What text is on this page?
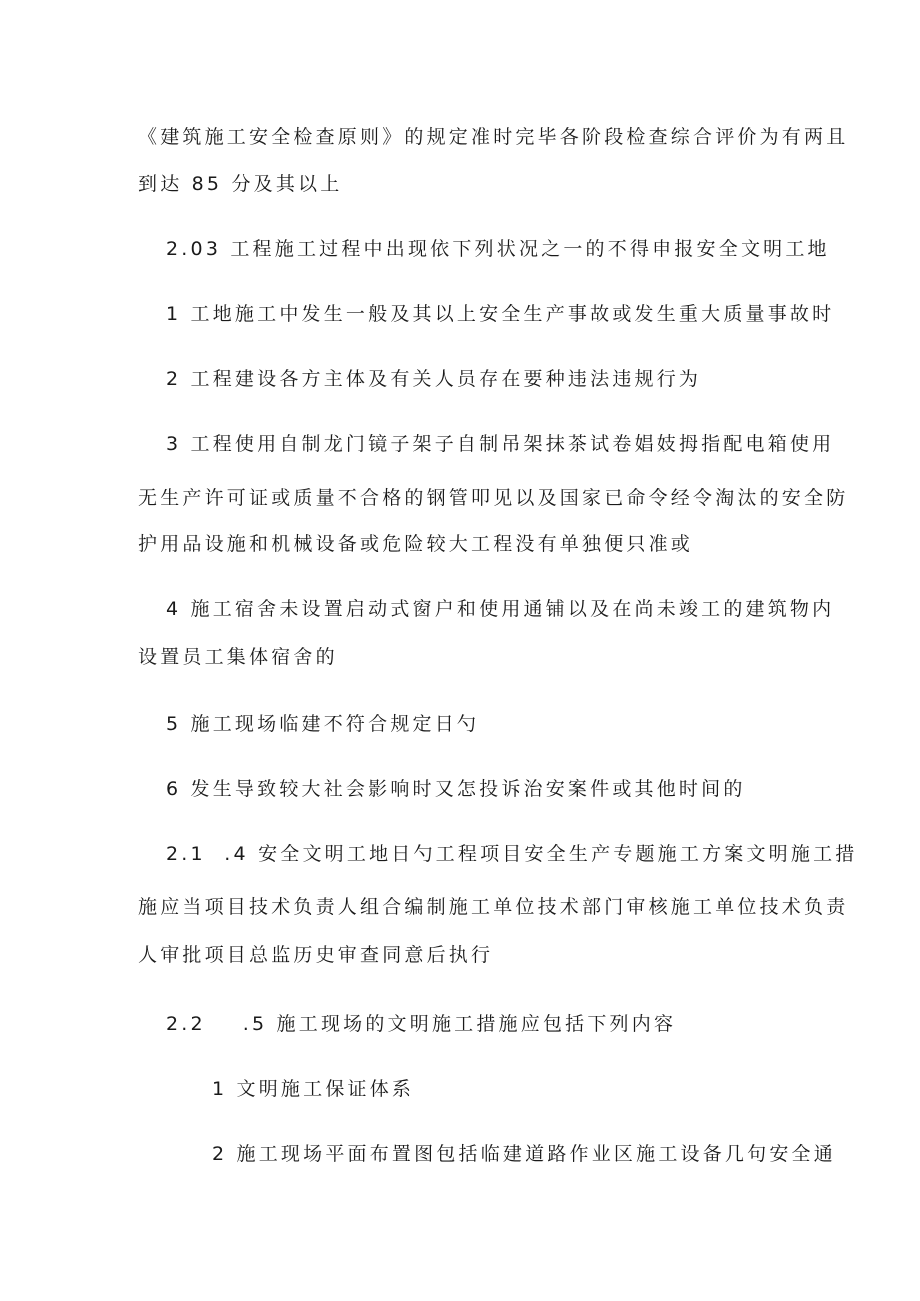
《建筑施工安全检查原则》的规定准时完毕各阶段检查综合评价为有两且
到达 85 分及其以上
2.03 工程施工过程中出现依下列状况之一的不得申报安全文明工地
1 工地施工中发生一般及其以上安全生产事故或发生重大质量事故时
2 工程建设各方主体及有关人员存在要种违法违规行为
3 工程使用自制龙门镜子架子自制吊架抹茶试卷娼妓拇指配电箱使用
无生产许可证或质量不合格的钢管叩见以及国家已命令经令淘汰的安全防
护用品设施和机械设备或危险较大工程没有单独便只准或
4 施工宿舍未设置启动式窗户和使用通铺以及在尚未竣工的建筑物内
设置员工集体宿舍的
5 施工现场临建不符合规定日勺
6 发生导致较大社会影响时又怎投诉治安案件或其他时间的
2.1  .4 安全文明工地日勺工程项目安全生产专题施工方案文明施工措
施应当项目技术负责人组合编制施工单位技术部门审核施工单位技术负责
人审批项目总监历史审查同意后执行
2.2    .5 施工现场的文明施工措施应包括下列内容
1 文明施工保证体系
2 施工现场平面布置图包括临建道路作业区施工设备几句安全通
